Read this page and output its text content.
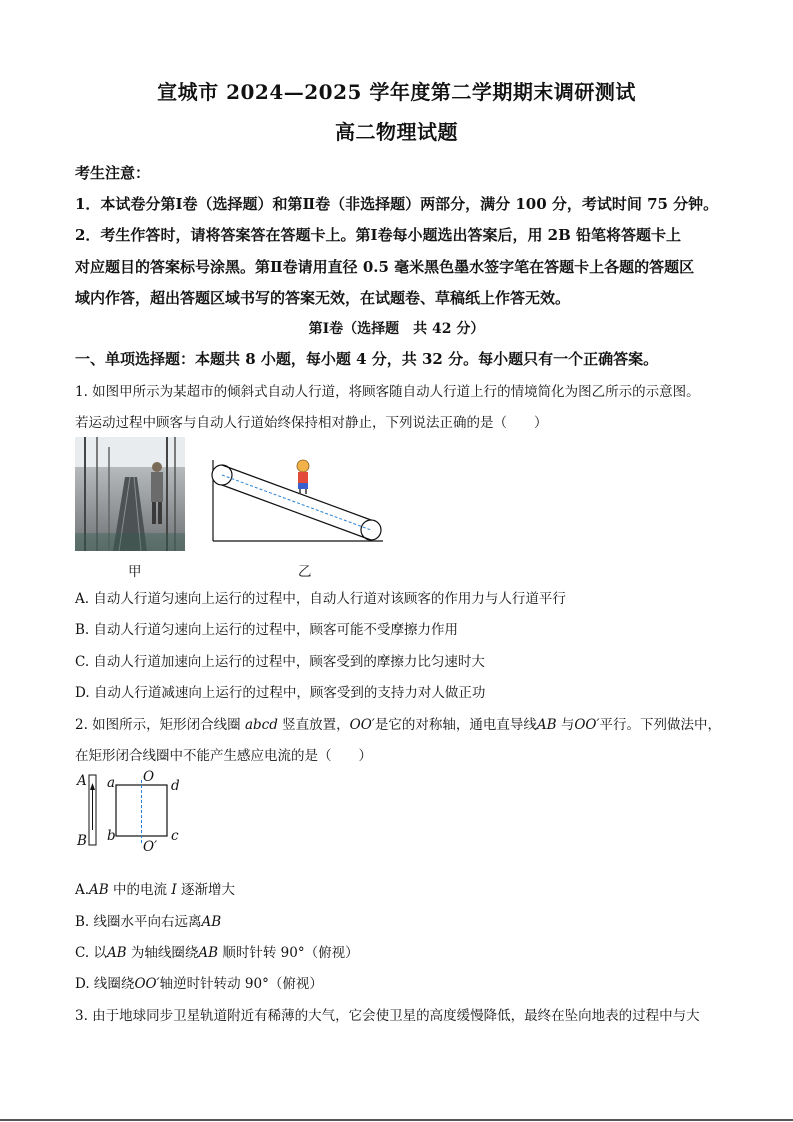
宣城市 2024—2025 学年度第二学期期末调研测试
高二物理试题
考生注意：
1．本试卷分第Ⅰ卷（选择题）和第Ⅱ卷（非选择题）两部分，满分 100 分，考试时间 75 分钟。
2．考生作答时，请将答案答在答题卡上。第Ⅰ卷每小题选出答案后，用 2B 铅笔将答题卡上
对应题目的答案标号涂黑。第Ⅱ卷请用直径 0.5 毫米黑色墨水签字笔在答题卡上各题的答题区
域内作答，超出答题区域书写的答案无效，在试题卷、草稿纸上作答无效。
第Ⅰ卷（选择题　共 42 分）
一、单项选择题：本题共 8 小题，每小题 4 分，共 32 分。每小题只有一个正确答案。
1. 如图甲所示为某超市的倾斜式自动人行道，将顾客随自动人行道上行的情境简化为图乙所示的示意图。
若运动过程中顾客与自动人行道始终保持相对静止，下列说法正确的是（　　）
甲	乙
A. 自动人行道匀速向上运行的过程中，自动人行道对该顾客的作用力与人行道平行
B. 自动人行道匀速向上运行的过程中，顾客可能不受摩擦力作用
C. 自动人行道加速向上运行的过程中，顾客受到的摩擦力比匀速时大
D. 自动人行道减速向上运行的过程中，顾客受到的支持力对人做正功
2. 如图所示，矩形闭合线圈 abcd 竖直放置，OO′是它的对称轴，通电直导线AB 与OO′平行。下列做法中，
在矩形闭合线圈中不能产生感应电流的是（　　）
A
B
a
b	c
d
O
O′
A.AB 中的电流 I 逐渐增大
B. 线圈水平向右远离AB
C. 以AB 为轴线圈绕AB 顺时针转 90°（俯视）
D. 线圈绕OO′轴逆时针转动 90°（俯视）
3. 由于地球同步卫星轨道附近有稀薄的大气，它会使卫星的高度缓慢降低，最终在坠向地表的过程中与大
